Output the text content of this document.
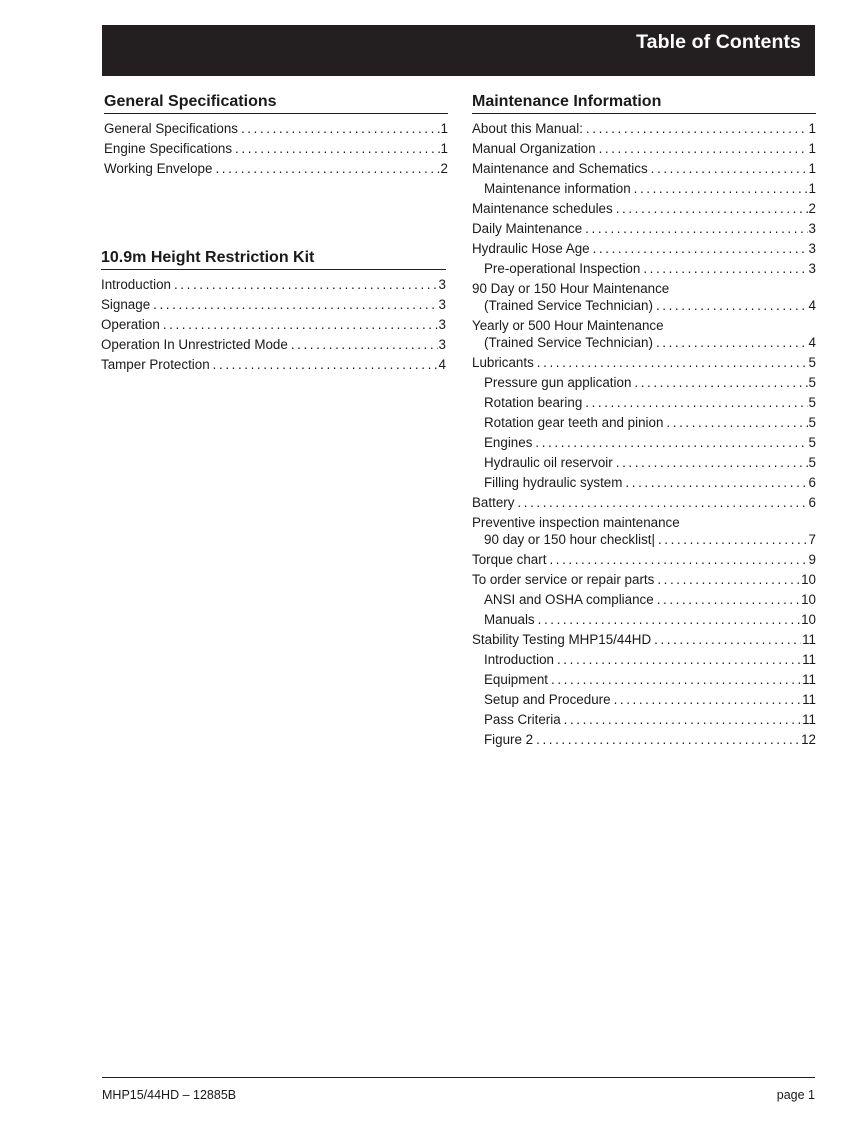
Table of Contents
General Specifications
General Specifications .....	1
Engine Specifications .....	1
Working Envelope .....	2
10.9m Height Restriction Kit
Introduction .....	3
Signage .....	3
Operation .....	3
Operation In Unrestricted Mode .....	3
Tamper Protection .....	4
Maintenance Information
About this Manual: .....	1
Manual Organization .....	1
Maintenance and Schematics .....	1
Maintenance information .....	1
Maintenance schedules .....	2
Daily Maintenance .....	3
Hydraulic Hose Age .....	3
Pre-operational Inspection .....	3
90 Day or 150 Hour Maintenance
(Trained Service Technician) .....	4
Yearly or 500 Hour Maintenance
(Trained Service Technician) .....	4
Lubricants .....	5
Pressure gun application .....	5
Rotation bearing .....	5
Rotation gear teeth and pinion .....	5
Engines .....	5
Hydraulic oil reservoir .....	5
Filling hydraulic system .....	6
Battery .....	6
Preventive inspection maintenance
90 day or 150 hour checklist| .....	7
Torque chart .....	9
To order service or repair parts .....	10
ANSI and OSHA compliance .....	10
Manuals .....	10
Stability Testing MHP15/44HD .....	11
Introduction .....	11
Equipment .....	11
Setup and Procedure .....	11
Pass Criteria .....	11
Figure 2 .....	12
MHP15/44HD – 12885B	page 1
